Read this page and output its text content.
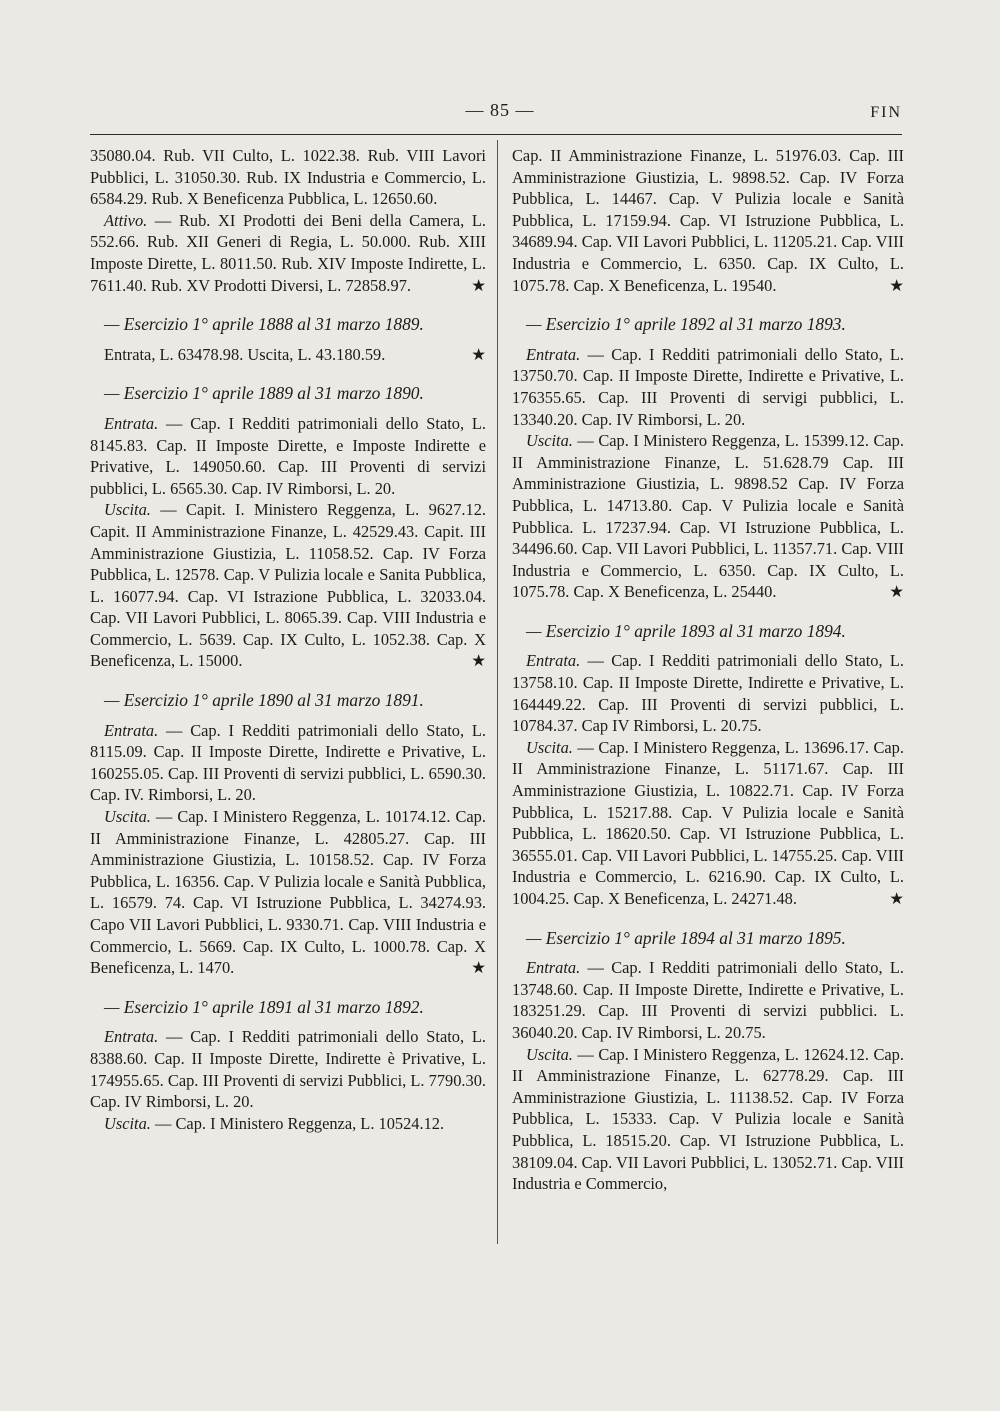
— 85 —	FIN

35080.04. Rub. VII Culto, L. 1022.38. Rub. VIII Lavori Pubblici, L. 31050.30. Rub. IX Industria e Commercio, L. 6584.29. Rub. X Beneficenza Pubblica, L. 12650.60.

Attivo. — Rub. XI Prodotti dei Beni della Camera, L. 552.66. Rub. XII Generi di Regia, L. 50.000. Rub. XIII Imposte Dirette, L. 8011.50. Rub. XIV Imposte Indirette, L. 7611.40. Rub. XV Prodotti Diversi, L. 72858.97.	★

— Esercizio 1° aprile 1888 al 31 marzo 1889.

Entrata, L. 63478.98. Uscita, L. 43.180.59.	★

— Esercizio 1° aprile 1889 al 31 marzo 1890.

Entrata. — Cap. I Redditi patrimoniali dello Stato, L. 8145.83. Cap. II Imposte Dirette, e Imposte Indirette e Privative, L. 149050.60. Cap. III Proventi di servizi pubblici, L. 6565.30. Cap. IV Rimborsi, L. 20.

Uscita. — Capit. I. Ministero Reggenza, L. 9627.12. Capit. II Amministrazione Finanze, L. 42529.43. Capit. III Amministrazione Giustizia, L. 11058.52. Cap. IV Forza Pubblica, L. 12578. Cap. V Pulizia locale e Sanita Pubblica, L. 16077.94. Cap. VI Istrazione Pubblica, L. 32033.04. Cap. VII Lavori Pubblici, L. 8065.39. Cap. VIII Industria e Commercio, L. 5639. Cap. IX Culto, L. 1052.38. Cap. X Beneficenza, L. 15000.	★

— Esercizio 1° aprile 1890 al 31 marzo 1891.

Entrata. — Cap. I Redditi patrimoniali dello Stato, L. 8115.09. Cap. II Imposte Dirette, Indirette e Privative, L. 160255.05. Cap. III Proventi di servizi pubblici, L. 6590.30. Cap. IV. Rimborsi, L. 20.

Uscita. — Cap. I Ministero Reggenza, L. 10174.12. Cap. II Amministrazione Finanze, L. 42805.27. Cap. III Amministrazione Giustizia, L. 10158.52. Cap. IV Forza Pubblica, L. 16356. Cap. V Pulizia locale e Sanità Pubblica, L. 16579. 74. Cap. VI Istruzione Pubblica, L. 34274.93. Capo VII Lavori Pubblici, L. 9330.71. Cap. VIII Industria e Commercio, L. 5669. Cap. IX Culto, L. 1000.78. Cap. X Beneficenza, L. 1470.	★

— Esercizio 1° aprile 1891 al 31 marzo 1892.

Entrata. — Cap. I Redditi patrimoniali dello Stato, L. 8388.60. Cap. II Imposte Dirette, Indirette è Privative, L. 174955.65. Cap. III Proventi di servizi Pubblici, L. 7790.30. Cap. IV Rimborsi, L. 20.

Uscita. — Cap. I Ministero Reggenza, L. 10524.12.

Cap. II Amministrazione Finanze, L. 51976.03. Cap. III Amministrazione Giustizia, L. 9898.52. Cap. IV Forza Pubblica, L. 14467. Cap. V Pulizia locale e Sanità Pubblica, L. 17159.94. Cap. VI Istruzione Pubblica, L. 34689.94. Cap. VII Lavori Pubblici, L. 11205.21. Cap. VIII Industria e Commercio, L. 6350. Cap. IX Culto, L. 1075.78. Cap. X Beneficenza, L. 19540.	★

— Esercizio 1° aprile 1892 al 31 marzo 1893.

Entrata. — Cap. I Redditi patrimoniali dello Stato, L. 13750.70. Cap. II Imposte Dirette, Indirette e Privative, L. 176355.65. Cap. III Proventi di servigi pubblici, L. 13340.20. Cap. IV Rimborsi, L. 20.

Uscita. — Cap. I Ministero Reggenza, L. 15399.12. Cap. II Amministrazione Finanze, L. 51.628.79 Cap. III Amministrazione Giustizia, L. 9898.52 Cap. IV Forza Pubblica, L. 14713.80. Cap. V Pulizia locale e Sanità Pubblica. L. 17237.94. Cap. VI Istruzione Pubblica, L. 34496.60. Cap. VII Lavori Pubblici, L. 11357.71. Cap. VIII Industria e Commercio, L. 6350. Cap. IX Culto, L. 1075.78. Cap. X Beneficenza, L. 25440.	★

— Esercizio 1° aprile 1893 al 31 marzo 1894.

Entrata. — Cap. I Redditi patrimoniali dello Stato, L. 13758.10. Cap. II Imposte Dirette, Indirette e Privative, L. 164449.22. Cap. III Proventi di servizi pubblici, L. 10784.37. Cap IV Rimborsi, L. 20.75.

Uscita. — Cap. I Ministero Reggenza, L. 13696.17. Cap. II Amministrazione Finanze, L. 51171.67. Cap. III Amministrazione Giustizia, L. 10822.71. Cap. IV Forza Pubblica, L. 15217.88. Cap. V Pulizia locale e Sanità Pubblica, L. 18620.50. Cap. VI Istruzione Pubblica, L. 36555.01. Cap. VII Lavori Pubblici, L. 14755.25. Cap. VIII Industria e Commercio, L. 6216.90. Cap. IX Culto, L. 1004.25. Cap. X Beneficenza, L. 24271.48.	★

— Esercizio 1° aprile 1894 al 31 marzo 1895.

Entrata. — Cap. I Redditi patrimoniali dello Stato, L. 13748.60. Cap. II Imposte Dirette, Indirette e Privative, L. 183251.29. Cap. III Proventi di servizi pubblici. L. 36040.20. Cap. IV Rimborsi, L. 20.75.

Uscita. — Cap. I Ministero Reggenza, L. 12624.12. Cap. II Amministrazione Finanze, L. 62778.29. Cap. III Amministrazione Giustizia, L. 11138.52. Cap. IV Forza Pubblica, L. 15333. Cap. V Pulizia locale e Sanità Pubblica, L. 18515.20. Cap. VI Istruzione Pubblica, L. 38109.04. Cap. VII Lavori Pubblici, L. 13052.71. Cap. VIII Industria e Commercio,
